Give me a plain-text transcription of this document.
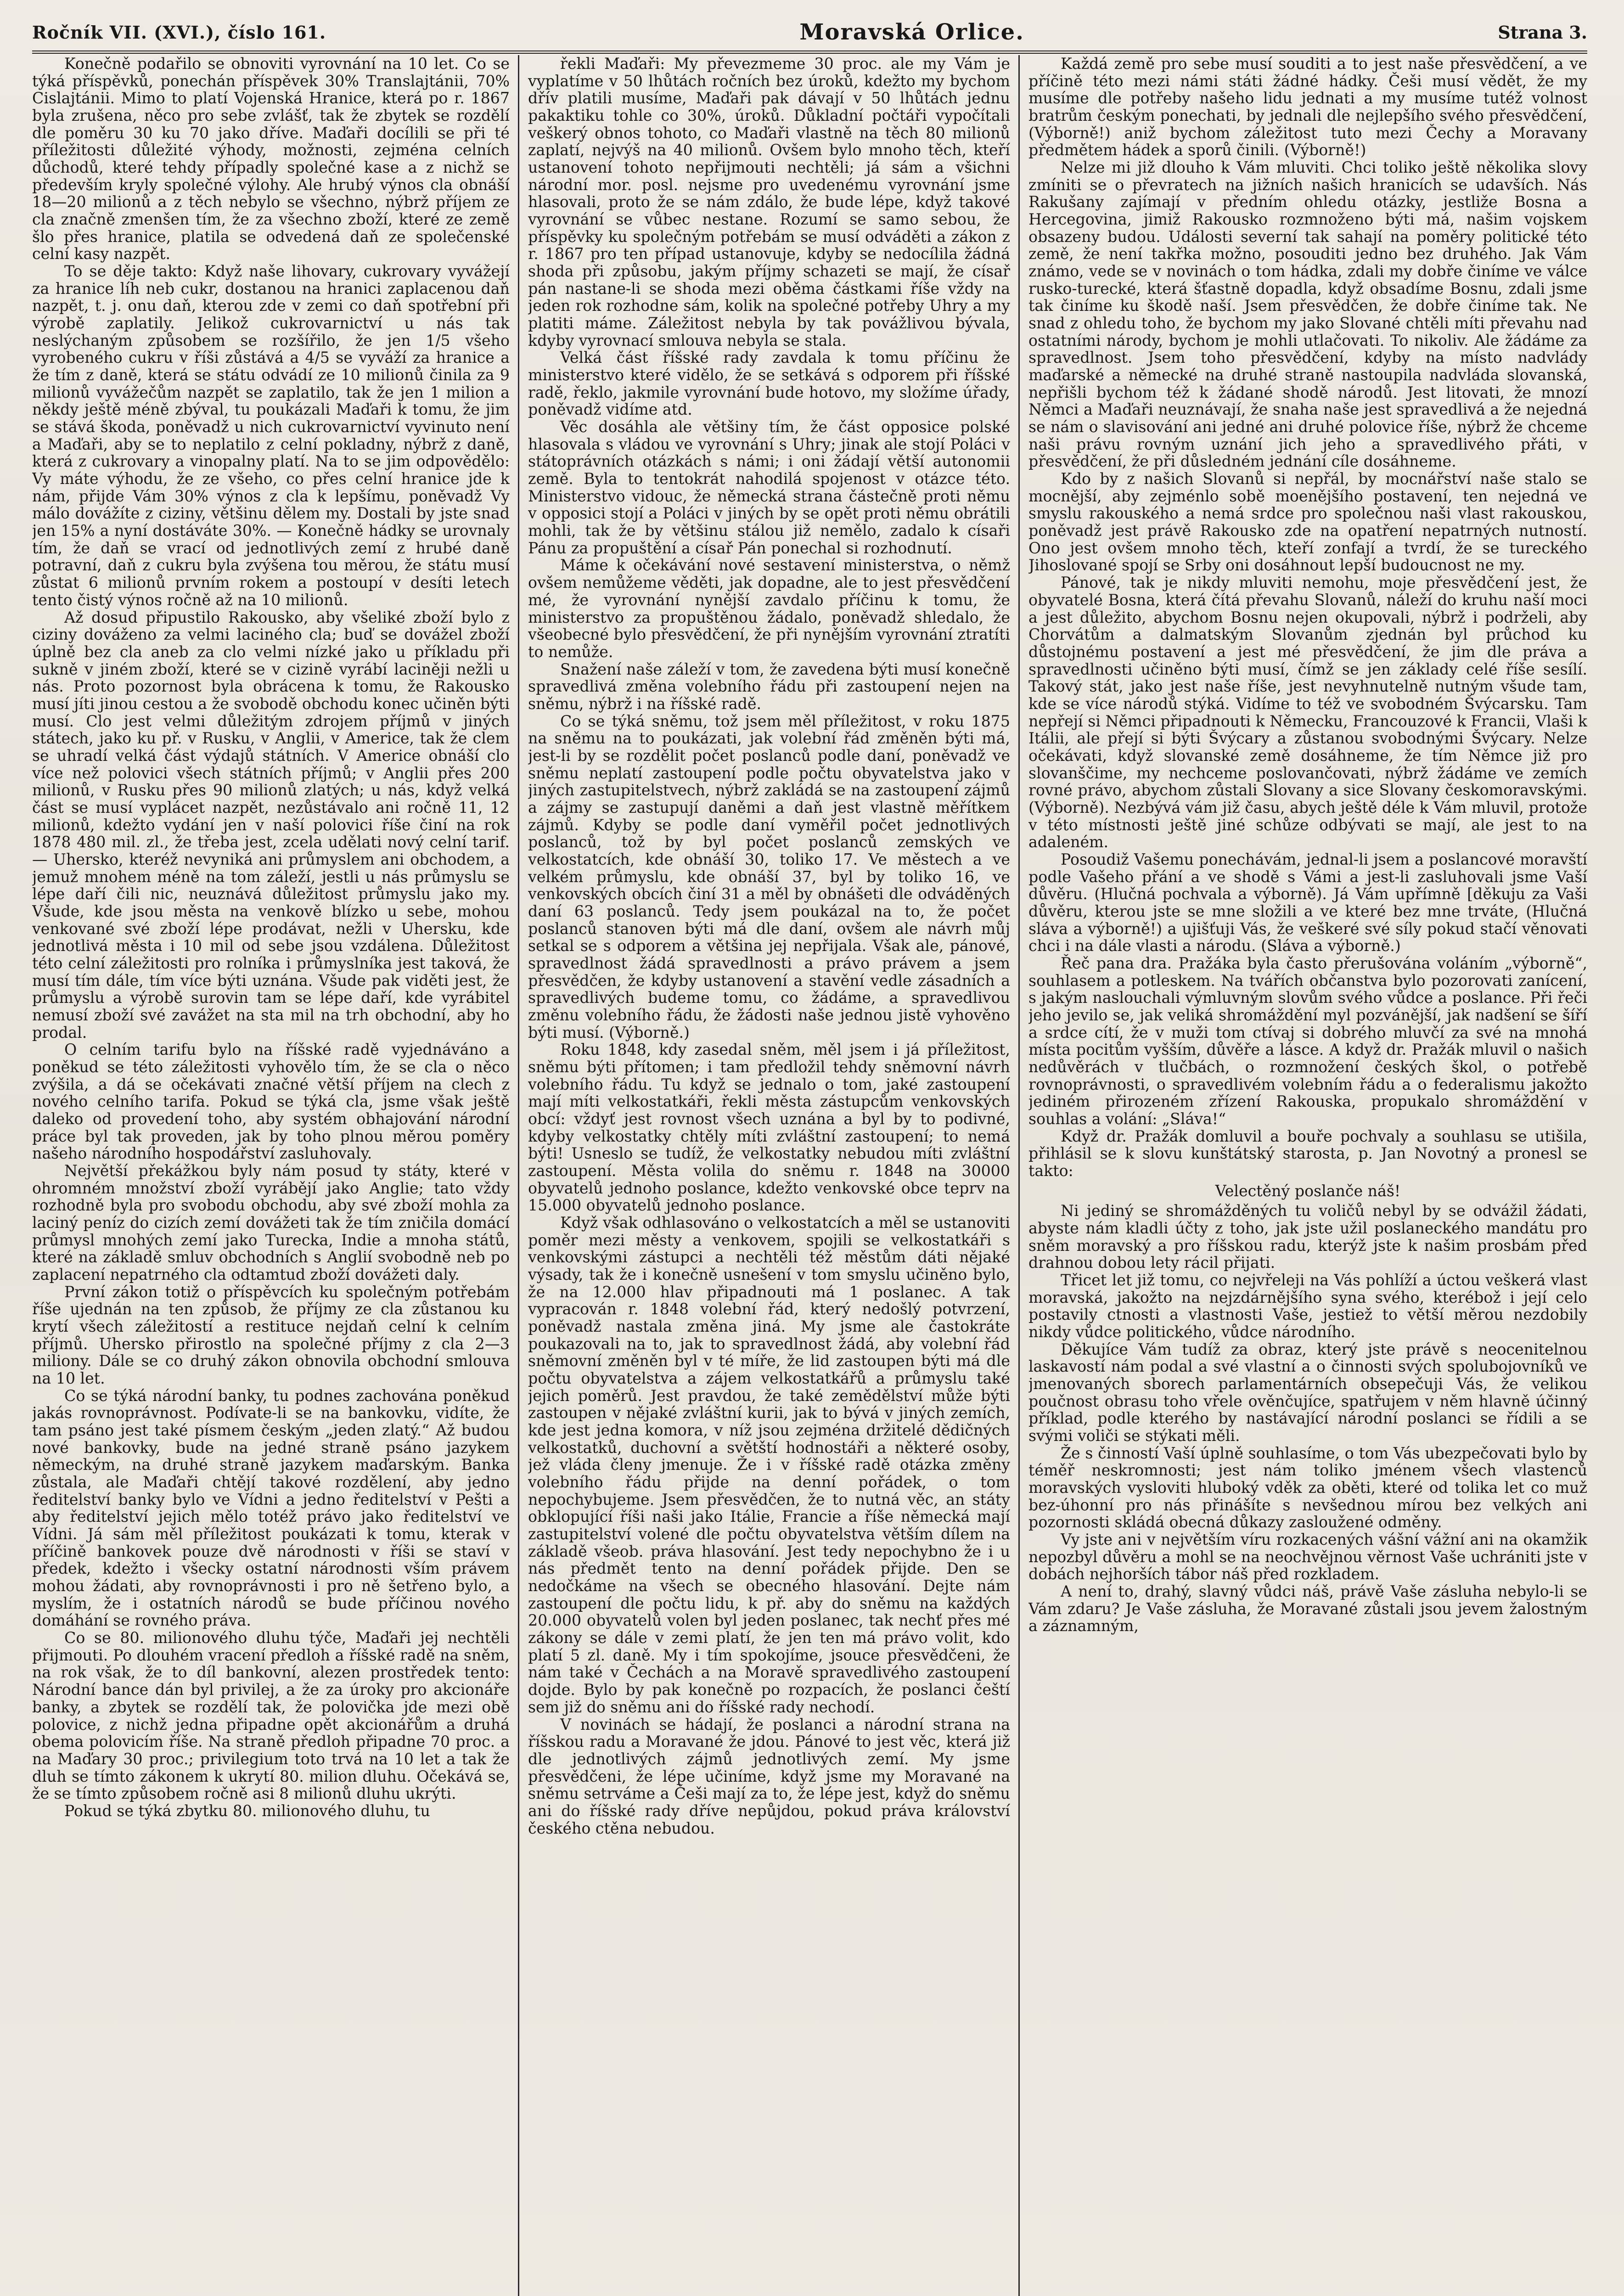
Ročník VII. (XVI.), číslo 161.	Moravská Orlice.	Strana 3.

Konečně podařilo se obnoviti vyrovnání na 10 let. Co se týká příspěvků, ponechán příspěvek 30% Translajtánii, 70% Cislajtánii. Mimo to platí Vojenská Hranice, která po r. 1867 byla zrušena, něco pro sebe zvlášť, tak že zbytek se rozdělí dle poměru 30 ku 70 jako dříve. Maďaři docílili se při té příležitosti důležité výhody, možnosti, zejména celních důchodů, které tehdy případly společné kase a z nichž se především kryly společné výlohy. Ale hrubý výnos cla obnáší 18—20 milionů a z těch nebylo se všechno, nýbrž příjem ze cla značně zmenšen tím, že za všechno zboží, které ze země šlo přes hranice, platila se odvedená daň ze společenské celní kasy nazpět.

To se děje takto: Když naše lihovary, cukrovary vyvážejí za hranice líh neb cukr, dostanou na hranici zaplacenou daň nazpět, t. j. onu daň, kterou zde v zemi co daň spotřební při výrobě zaplatily. Jelikož cukrovarnictví u nás tak neslýchaným způsobem se rozšířilo, že jen 1/5 všeho vyrobeného cukru v říši zůstává a 4/5 se vyváží za hranice a že tím z daně, která se státu odvádí ze 10 milionů činila za 9 milionů vyvážečům nazpět se zaplatilo, tak že jen 1 milion a někdy ještě méně zbýval, tu poukázali Maďaři k tomu, že jim se stává škoda, poněvadž u nich cukrovarnictví vyvinuto není a Maďaři, aby se to neplatilo z celní pokladny, nýbrž z daně, která z cukrovary a vinopalny platí. Na to se jim odpovědělo: Vy máte výhodu, že ze všeho, co přes celní hranice jde k nám, přijde Vám 30% výnos z cla k lepšímu, poněvadž Vy málo dovážíte z ciziny, většinu dělem my. Dostali by jste snad jen 15% a nyní dostáváte 30%. — Konečně hádky se urovnaly tím, že daň se vrací od jednotlivých zemí z hrubé daně potravní, daň z cukru byla zvýšena tou měrou, že státu musí zůstat 6 milionů prvním rokem a postoupí v desíti letech tento čistý výnos ročně až na 10 milionů.

Až dosud připustilo Rakousko, aby všeliké zboží bylo z ciziny dováženo za velmi laciného cla; buď se dovážel zboží úplně bez cla aneb za clo velmi nízké jako u příkladu při sukně v jiném zboží, které se v cizině vyrábí laciněji nežli u nás. Proto pozornost byla obrácena k tomu, že Rakousko musí jíti jinou cestou a že svobodě obchodu konec učiněn býti musí. Clo jest velmi důležitým zdrojem příjmů v jiných státech, jako ku př. v Rusku, v Anglii, v Americe, tak že clem se uhradí velká část výdajů státních. V Americe obnáší clo více než polovici všech státních příjmů; v Anglii přes 200 milionů, v Rusku přes 90 milionů zlatých; u nás, když velká část se musí vyplácet nazpět, nezůstávalo ani ročně 11, 12 milionů, kdežto vydání jen v naší polovici říše činí na rok 1878 480 mil. zl., že třeba jest, zcela udělati nový celní tarif. — Uhersko, kteréž nevyniká ani průmyslem ani obchodem, a jemuž mnohem méně na tom záleží, jestli u nás průmyslu se lépe daří čili nic, neuznává důležitost průmyslu jako my. Všude, kde jsou města na venkově blízko u sebe, mohou venkované své zboží lépe prodávat, nežli v Uhersku, kde jednotlivá města i 10 mil od sebe jsou vzdálena. Důležitost této celní záležitosti pro rolníka i průmyslníka jest taková, že musí tím dále, tím více býti uznána. Všude pak viděti jest, že průmyslu a výrobě surovin tam se lépe daří, kde vyrábitel nemusí zboží své zavážet na sta mil na trh obchodní, aby ho prodal.

O celním tarifu bylo na říšské radě vyjednáváno a poněkud se této záležitosti vyhovělo tím, že se cla o něco zvýšila, a dá se očekávati značné větší příjem na clech z nového celního tarifa. Pokud se týká cla, jsme však ještě daleko od provedení toho, aby systém obhajování národní práce byl tak proveden, jak by toho plnou měrou poměry našeho národního hospodářství zasluhovaly.

Největší překážkou byly nám posud ty státy, které v ohromném množství zboží vyrábějí jako Anglie; tato vždy rozhodně byla pro svobodu obchodu, aby své zboží mohla za laciný peníz do cizích zemí dovážeti tak že tím zničila domácí průmysl mnohých zemí jako Turecka, Indie a mnoha států, které na základě smluv obchodních s Anglií svobodně neb po zaplacení nepatrného cla odtamtud zboží dovážeti daly.

První zákon totiž o příspěvcích ku společným potřebám říše ujednán na ten způsob, že příjmy ze cla zůstanou ku krytí všech záležitostí a restituce nejdaň celní k celním příjmů. Uhersko přirostlo na společné příjmy z cla 2—3 miliony. Dále se co druhý zákon obnovila obchodní smlouva na 10 let.

Co se týká národní banky, tu podnes zachována poněkud jakás rovnoprávnost. Podívate-li se na bankovku, vidíte, že tam psáno jest také písmem českým „jeden zlatý.“ Až budou nové bankovky, bude na jedné straně psáno jazykem německým, na druhé straně jazykem maďarským. Banka zůstala, ale Maďaři chtějí takové rozdělení, aby jedno ředitelství banky bylo ve Vídni a jedno ředitelství v Pešti a aby ředitelství jejich mělo totéž právo jako ředitelství ve Vídni. Já sám měl příležitost poukázati k tomu, kterak v příčině bankovek pouze dvě národnosti v říši se staví v předek, kdežto i všecky ostatní národnosti vším právem mohou žádati, aby rovnoprávnosti i pro ně šetřeno bylo, a myslím, že i ostatních národů se bude příčinou nového domáhání se rovného práva.

Co se 80. milionového dluhu týče, Maďaři jej nechtěli přijmouti. Po dlouhém vracení předloh a říšské radě na sněm, na rok však, že to díl bankovní, alezen prostředek tento: Národní bance dán byl privilej, a že za úroky pro akcionáře banky, a zbytek se rozdělí tak, že polovička jde mezi obě polovice, z nichž jedna připadne opět akcionářům a druhá obema polovicím říše. Na straně předloh připadne 70 proc. a na Maďary 30 proc.; privilegium toto trvá na 10 let a tak že dluh se tímto zákonem k ukrytí 80. milion dluhu. Očekává se, že se tímto způsobem ročně asi 8 milionů dluhu ukrýti.

Pokud se týká zbytku 80. milionového dluhu, tu

řekli Maďaři: My převezmeme 30 proc. ale my Vám je vyplatíme v 50 lhůtách ročních bez úroků, kdežto my bychom dřív platili musíme, Maďaři pak dávají v 50 lhůtách jednu pakaktiku tohle co 30%, úroků. Důkladní počtáři vypočítali veškerý obnos tohoto, co Maďaři vlastně na těch 80 milionů zaplatí, nejvýš na 40 milionů. Ovšem bylo mnoho těch, kteří ustanovení tohoto nepřijmouti nechtěli; já sám a všichni národní mor. posl. nejsme pro uvedenému vyrovnání jsme hlasovali, proto že se nám zdálo, že bude lépe, když takové vyrovnání se vůbec nestane. Rozumí se samo sebou, že příspěvky ku společným potřebám se musí odváděti a zákon z r. 1867 pro ten případ ustanovuje, kdyby se nedocílila žádná shoda při způsobu, jakým příjmy schazeti se mají, že císař pán nastane-li se shoda mezi oběma částkami říše vždy na jeden rok rozhodne sám, kolik na společné potřeby Uhry a my platiti máme. Záležitost nebyla by tak povážlivou bývala, kdyby vyrovnací smlouva nebyla se stala.

Velká část říšské rady zavdala k tomu příčinu že ministerstvo které vidělo, že se setkává s odporem při říšské radě, řeklo, jakmile vyrovnání bude hotovo, my složíme úřady, poněvadž vidíme atd.

Věc dosáhla ale většiny tím, že část opposice polské hlasovala s vládou ve vyrovnání s Uhry; jinak ale stojí Poláci v státoprávních otázkách s námi; i oni žádají větší autonomii země. Byla to tentokrát nahodilá spojenost v otázce této. Ministerstvo vidouc, že německá strana částečně proti němu v opposici stojí a Poláci v jiných by se opět proti němu obrátili mohli, tak že by většinu stálou již nemělo, zadalo k císaři Pánu za propuštění a císař Pán ponechal si rozhodnutí.

Máme k očekávání nové sestavení ministerstva, o němž ovšem nemůžeme věděti, jak dopadne, ale to jest přesvědčení mé, že vyrovnání nynější zavdalo příčinu k tomu, že ministerstvo za propuštěnou žádalo, poněvadž shledalo, že všeobecné bylo přesvědčení, že při nynějším vyrovnání ztratíti to nemůže.

Snažení naše záleží v tom, že zavedena býti musí konečně spravedlivá změna volebního řádu při zastoupení nejen na sněmu, nýbrž i na říšské radě.

Co se týká sněmu, tož jsem měl příležitost, v roku 1875 na sněmu na to poukázati, jak volební řád změněn býti má, jest-li by se rozdělit počet poslanců podle daní, poněvadž ve sněmu neplatí zastoupení podle počtu obyvatelstva jako v jiných zastupitelstvech, nýbrž zakládá se na zastoupení zájmů a zájmy se zastupují daněmi a daň jest vlastně měřítkem zájmů. Kdyby se podle daní vyměřil počet jednotlivých poslanců, tož by byl počet poslanců zemských ve velkostatcích, kde obnáší 30, toliko 17. Ve městech a ve velkém průmyslu, kde obnáší 37, byl by toliko 16, ve venkovských obcích činí 31 a měl by obnášeti dle odváděných daní 63 poslanců. Tedy jsem poukázal na to, že počet poslanců stanoven býti má dle daní, ovšem ale návrh můj setkal se s odporem a většina jej nepřijala. Však ale, pánové, spravedlnost žádá spravedlnosti a právo právem a jsem přesvědčen, že kdyby ustanovení a stavění vedle zásadních a spravedlivých budeme tomu, co žádáme, a spravedlivou změnu volebního řádu, že žádosti naše jednou jistě vyhověno býti musí. (Výborně.)

Roku 1848, kdy zasedal sněm, měl jsem i já příležitost, sněmu býti přítomen; i tam předložil tehdy sněmovní návrh volebního řádu. Tu když se jednalo o tom, jaké zastoupení mají míti velkostatkáři, řekli města zástupcům venkovských obcí: vždyť jest rovnost všech uznána a byl by to podivné, kdyby velkostatky chtěly míti zvláštní zastoupení; to nemá býti! Usneslo se tudíž, že velkostatky nebudou míti zvláštní zastoupení. Města volila do sněmu r. 1848 na 30000 obyvatelů jednoho poslance, kdežto venkovské obce teprv na 15.000 obyvatelů jednoho poslance.

Když však odhlasováno o velkostatcích a měl se ustanoviti poměr mezi městy a venkovem, spojili se velkostatkáři s venkovskými zástupci a nechtěli též městům dáti nějaké výsady, tak že i konečně usnešení v tom smyslu učiněno bylo, že na 12.000 hlav připadnouti má 1 poslanec. A tak vypracován r. 1848 volební řád, který nedošlý potvrzení, poněvadž nastala změna jiná. My jsme ale častokráte poukazovali na to, jak to spravedlnost žádá, aby volební řád sněmovní změněn byl v té míře, že lid zastoupen býti má dle počtu obyvatelstva a zájem velkostatkářů a průmyslu také jejich poměrů. Jest pravdou, že také zemědělství může býti zastoupen v nějaké zvláštní kurii, jak to bývá v jiných zemích, kde jest jedna komora, v níž jsou zejména držitelé dědičných velkostatků, duchovní a světští hodnostáři a některé osoby, jež vláda členy jmenuje. Že i v říšské radě otázka změny volebního řádu přijde na denní pořádek, o tom nepochybujeme. Jsem přesvědčen, že to nutná věc, an státy obklopující říši naši jako Itálie, Francie a říše německá mají zastupitelství volené dle počtu obyvatelstva větším dílem na základě všeob. práva hlasování. Jest tedy nepochybno že i u nás předmět tento na denní pořádek přijde. Den se nedočkáme na všech se obecného hlasování. Dejte nám zastoupení dle počtu lidu, k př. aby do sněmu na každých 20.000 obyvatelů volen byl jeden poslanec, tak nechť přes mé zákony se dále v zemi platí, že jen ten má právo volit, kdo platí 5 zl. daně. My i tím spokojíme, jsouce přesvědčeni, že nám také v Čechách a na Moravě spravedlivého zastoupení dojde. Bylo by pak konečně po rozpacích, že poslanci čeští sem již do sněmu ani do říšské rady nechodí.

V novinách se hádají, že poslanci a národní strana na říšskou radu a Moravané že jdou. Pánové to jest věc, která již dle jednotlivých zájmů jednotlivých zemí. My jsme přesvědčeni, že lépe učiníme, když jsme my Moravané na sněmu setrváme a Češi mají za to, že lépe jest, když do sněmu ani do říšské rady dříve nepůjdou, pokud práva království českého ctěna nebudou.

Každá země pro sebe musí souditi a to jest naše přesvědčení, a ve příčině této mezi námi státi žádné hádky. Češi musí vědět, že my musíme dle potřeby našeho lidu jednati a my musíme tutéž volnost bratrům českým ponechati, by jednali dle nejlepšího svého přesvědčení, (Výborně!) aniž bychom záležitost tuto mezi Čechy a Moravany předmětem hádek a sporů činili. (Výborně!)

Nelze mi již dlouho k Vám mluviti. Chci toliko ještě několika slovy zmíniti se o převratech na jižních našich hranicích se udavších. Nás Rakušany zajímají v předním ohledu otázky, jestliže Bosna a Hercegovina, jimiž Rakousko rozmnoženo býti má, našim vojskem obsazeny budou. Události severní tak sahají na poměry politické této země, že není takřka možno, posouditi jedno bez druhého. Jak Vám známo, vede se v novinách o tom hádka, zdali my dobře činíme ve válce rusko-turecké, která šťastně dopadla, když obsadíme Bosnu, zdali jsme tak činíme ku škodě naší. Jsem přesvědčen, že dobře činíme tak. Ne snad z ohledu toho, že bychom my jako Slované chtěli míti převahu nad ostatními národy, bychom je mohli utlačovati. To nikoliv. Ale žádáme za spravedlnost. Jsem toho přesvědčení, kdyby na místo nadvlády maďarské a německé na druhé straně nastoupila nadvláda slovanská, nepřišli bychom též k žádané shodě národů. Jest litovati, že mnozí Němci a Maďaři neuznávají, že snaha naše jest spravedlivá a že nejedná se nám o slavisování ani jedné ani druhé polovice říše, nýbrž že chceme naši právu rovným uznání jich jeho a spravedlivého přáti, v přesvědčení, že při důsledném jednání cíle dosáhneme.

Kdo by z našich Slovanů si nepřál, by mocnářství naše stalo se mocnější, aby zejménlo sobě moenějšího postavení, ten nejedná ve smyslu rakouského a nemá srdce pro společnou naši vlast rakouskou, poněvadž jest právě Rakousko zde na opatření nepatrných nutností. Ono jest ovšem mnoho těch, kteří zonfají a tvrdí, že se tureckého Jihoslované spojí se Srby oni dosáhnout lepší budoucnost ne my.

Pánové, tak je nikdy mluviti nemohu, moje přesvědčení jest, že obyvatelé Bosna, která čítá převahu Slovanů, náleží do kruhu naší moci a jest důležito, abychom Bosnu nejen okupovali, nýbrž i podrželi, aby Chorvátům a dalmatským Slovanům zjednán byl průchod ku důstojnému postavení a jest mé přesvědčení, že jim dle práva a spravedlnosti učiněno býti musí, čímž se jen základy celé říše sesílí. Takový stát, jako jest naše říše, jest nevyhnutelně nutným všude tam, kde se více národů stýká. Vidíme to též ve svobodném Švýcarsku. Tam nepřejí si Němci připadnouti k Německu, Francouzové k Francii, Vlaši k Itálii, ale přejí si býti Švýcary a zůstanou svobodnými Švýcary. Nelze očekávati, když slovanské země dosáhneme, že tím Němce již pro slovanščime, my nechceme poslovančovati, nýbrž žádáme ve zemích rovné právo, abychom zůstali Slovany a sice Slovany českomoravskými. (Výborně). Nezbývá vám již času, abych ještě déle k Vám mluvil, protože v této místnosti ještě jiné schůze odbývati se mají, ale jest to na adaleném.

Posoudiž Vašemu ponechávám, jednal-li jsem a poslancové moravští podle Vašeho přání a ve shodě s Vámi a jest-li zasluhovali jsme Vaší důvěru. (Hlučná pochvala a výborně). Já Vám upřímně [děkuju za Vaši důvěru, kterou jste se mne složili a ve které bez mne trváte, (Hlučná sláva a výborně!) a ujišťuji Vás, že veškeré své síly pokud stačí věnovati chci i na dále vlasti a národu. (Sláva a výborně.)

Řeč pana dra. Pražáka byla často přerušována voláním „výborně“, souhlasem a potleskem. Na tvářích občanstva bylo pozorovati zanícení, s jakým naslouchali výmluvným slovům svého vůdce a poslance. Při řeči jeho jevilo se, jak veliká shromáždění myl pozvánější, jak nadšení se šíří a srdce cítí, že v muži tom ctívaj si dobrého mluvčí za své na mnohá místa pocitům vyšším, důvěře a lásce. A když dr. Pražák mluvil o našich nedůvěrách v tlučbách, o rozmnožení českých škol, o potřebě rovnoprávnosti, o spravedlivém volebním řádu a o federalismu jakožto jediném přirozeném zřízení Rakouska, propukalo shromáždění v souhlas a volání: „Sláva!“

Když dr. Pražák domluvil a bouře pochvaly a souhlasu se utišila, přihlásil se k slovu kunštátský starosta, p. Jan Novotný a pronesl se takto:

Velectěný poslanče náš!

Ni jediný se shromážděných tu voličů nebyl by se odvážil žádati, abyste nám kladli účty z toho, jak jste užil poslaneckého mandátu pro sněm moravský a pro říšskou radu, kterýž jste k našim prosbám před drahnou dobou lety rácil přijati.

Třicet let již tomu, co nejvřeleji na Vás pohlíží a úctou veškerá vlast moravská, jakožto na nejzdárnějšího syna svého, kterébož i její celo postavily ctnosti a vlastnosti Vaše, jestiež to větší měrou nezdobily nikdy vůdce politického, vůdce národního.

Děkujíce Vám tudíž za obraz, který jste právě s neocenitelnou laskavostí nám podal a své vlastní a o činnosti svých spolubojovníků ve jmenovaných sborech parlamentárních obsepečuji Vás, že velikou poučnost obrasu toho vřele ověnčujíce, spatřujem v něm hlavně účinný příklad, podle kterého by nastávající národní poslanci se řídili a se svými voliči se stýkati měli.

Že s činností Vaší úplně souhlasíme, o tom Vás ubezpečovati bylo by téměř neskromnosti; jest nám toliko jménem všech vlastenců moravských vysloviti hluboký vděk za oběti, které od tolika let co muž bez-úhonní pro nás přinášíte s nevšednou mírou bez velkých ani pozornosti skládá obecná důkazy zasloužené odměny.

Vy jste ani v největším víru rozkacených vášní vážní ani na okamžik nepozbyl důvěru a mohl se na neochvějnou věrnost Vaše uchrániti jste v dobách nejhorších tábor náš před rozkladem.

A není to, drahý, slavný vůdci náš, právě Vaše zásluha nebylo-li se Vám zdaru? Je Vaše zásluha, že Moravané zůstali jsou jevem žalostným a záznamným,
